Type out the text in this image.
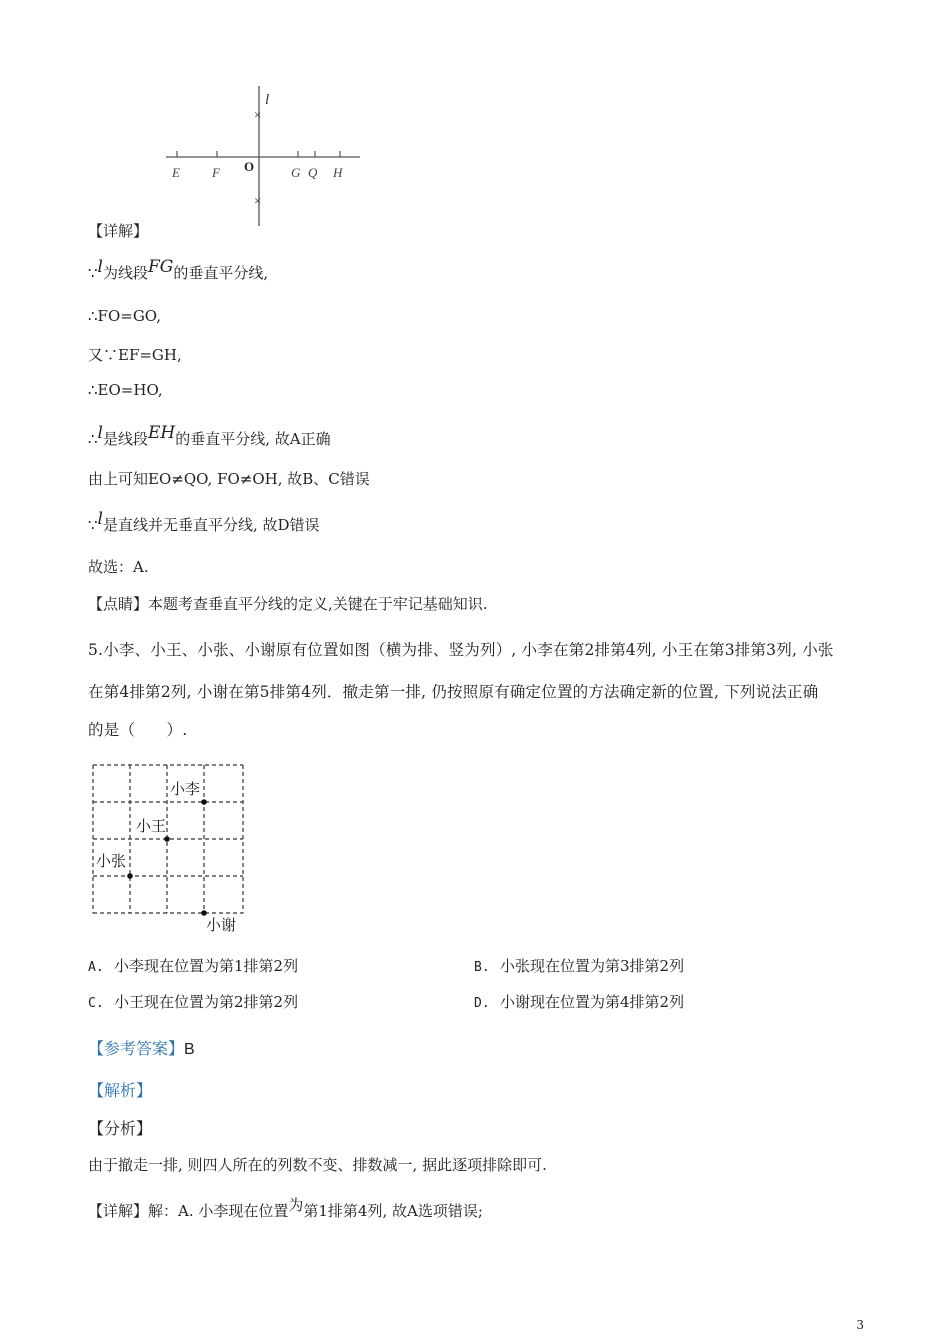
l
×
×
O
E F	G Q H
【详解】
∵l为线段FG的垂直平分线,
∴FO=GO,
又∵EF=GH,
∴EO=HO,
∴l是线段EH的垂直平分线, 故A正确
由上可知EO≠QO, FO≠OH, 故B、C错误
∵l是直线并无垂直平分线, 故D错误
故选：A.
【点睛】本题考查垂直平分线的定义,关键在于牢记基础知识.
5.小李、小王、小张、小谢原有位置如图（横为排、竖为列）, 小李在第2排第4列, 小王在第3排第3列, 小张
在第4排第2列, 小谢在第5排第4列．撤走第一排, 仍按照原有确定位置的方法确定新的位置, 下列说法正确
的是（　　）.
小李
小王
小张
小谢
A. 小李现在位置为第1排第2列	B. 小张现在位置为第3排第2列
C. 小王现在位置为第2排第2列	D. 小谢现在位置为第4排第2列
【参考答案】B
【解析】
【分析】
由于撤走一排, 则四人所在的列数不变、排数减一, 据此逐项排除即可.
【详解】解：A. 小李现在位置为第1排第4列, 故A选项错误;
3
